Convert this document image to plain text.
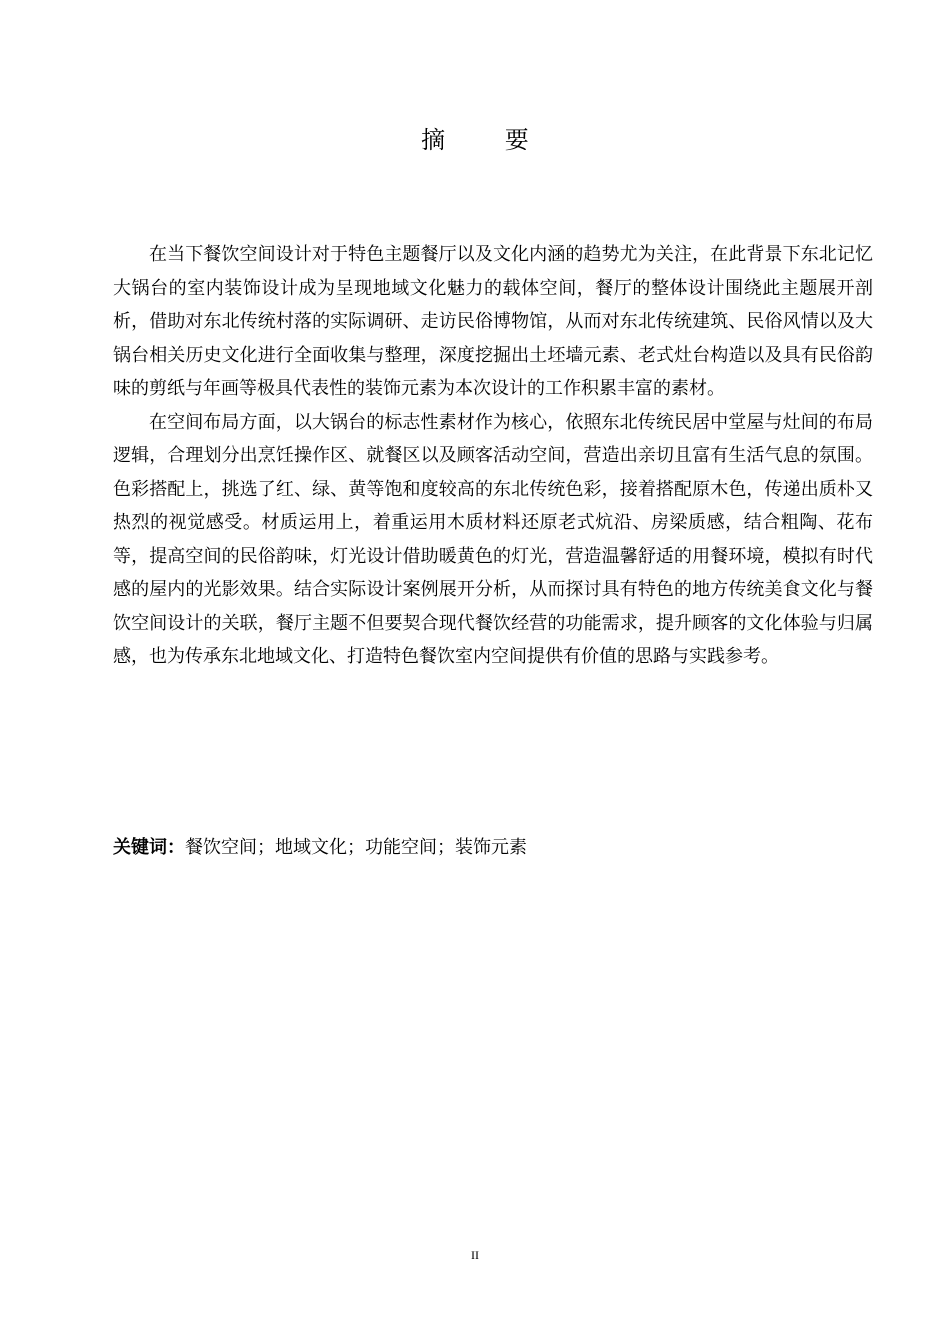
摘 要

在当下餐饮空间设计对于特色主题餐厅以及文化内涵的趋势尤为关注，在此背景下东北记忆大锅台的室内装饰设计成为呈现地域文化魅力的载体空间，餐厅的整体设计围绕此主题展开剖析，借助对东北传统村落的实际调研、走访民俗博物馆，从而对东北传统建筑、民俗风情以及大锅台相关历史文化进行全面收集与整理，深度挖掘出土坯墙元素、老式灶台构造以及具有民俗韵味的剪纸与年画等极具代表性的装饰元素为本次设计的工作积累丰富的素材。

在空间布局方面，以大锅台的标志性素材作为核心，依照东北传统民居中堂屋与灶间的布局逻辑，合理划分出烹饪操作区、就餐区以及顾客活动空间，营造出亲切且富有生活气息的氛围。色彩搭配上，挑选了红、绿、黄等饱和度较高的东北传统色彩，接着搭配原木色，传递出质朴又热烈的视觉感受。材质运用上，着重运用木质材料还原老式炕沿、房梁质感，结合粗陶、花布等，提高空间的民俗韵味，灯光设计借助暖黄色的灯光，营造温馨舒适的用餐环境，模拟有时代感的屋内的光影效果。结合实际设计案例展开分析，从而探讨具有特色的地方传统美食文化与餐饮空间设计的关联，餐厅主题不但要契合现代餐饮经营的功能需求，提升顾客的文化体验与归属感，也为传承东北地域文化、打造特色餐饮室内空间提供有价值的思路与实践参考。

关键词：餐饮空间；地域文化；功能空间；装饰元素
II
